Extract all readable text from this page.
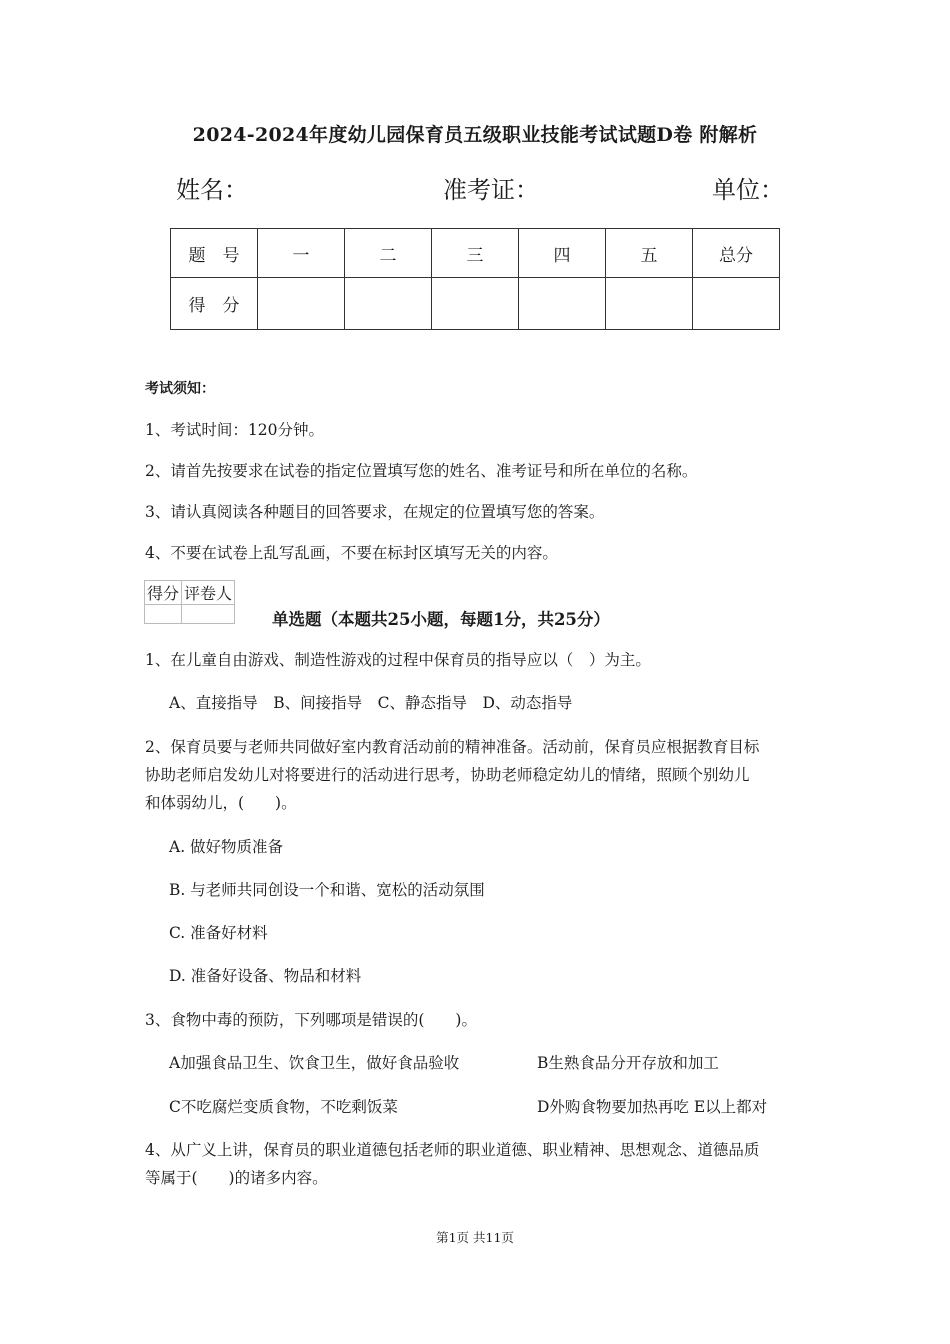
2024-2024年度幼儿园保育员五级职业技能考试试题D卷 附解析
姓名：	准考证：	单位：
题　号	一	二	三	四	五	总分
得　分						
考试须知：
1、考试时间：120分钟。
2、请首先按要求在试卷的指定位置填写您的姓名、准考证号和所在单位的名称。
3、请认真阅读各种题目的回答要求，在规定的位置填写您的答案。
4、不要在试卷上乱写乱画，不要在标封区填写无关的内容。
得分	评卷人

单选题（本题共25小题，每题1分，共25分）
1、在儿童自由游戏、制造性游戏的过程中保育员的指导应以（　）为主。
A、直接指导　B、间接指导　C、静态指导　D、动态指导
2、保育员要与老师共同做好室内教育活动前的精神准备。活动前，保育员应根据教育目标
协助老师启发幼儿对将要进行的活动进行思考，协助老师稳定幼儿的情绪，照顾个别幼儿
和体弱幼儿，(　　)。
A. 做好物质准备
B. 与老师共同创设一个和谐、宽松的活动氛围
C. 准备好材料
D. 准备好设备、物品和材料
3、食物中毒的预防，下列哪项是错误的(　　)。
A加强食品卫生、饮食卫生，做好食品验收	B生熟食品分开存放和加工
C不吃腐烂变质食物，不吃剩饭菜	D外购食物要加热再吃 E以上都对
4、从广义上讲，保育员的职业道德包括老师的职业道德、职业精神、思想观念、道德品质
等属于(　　)的诸多内容。
第1页 共11页
